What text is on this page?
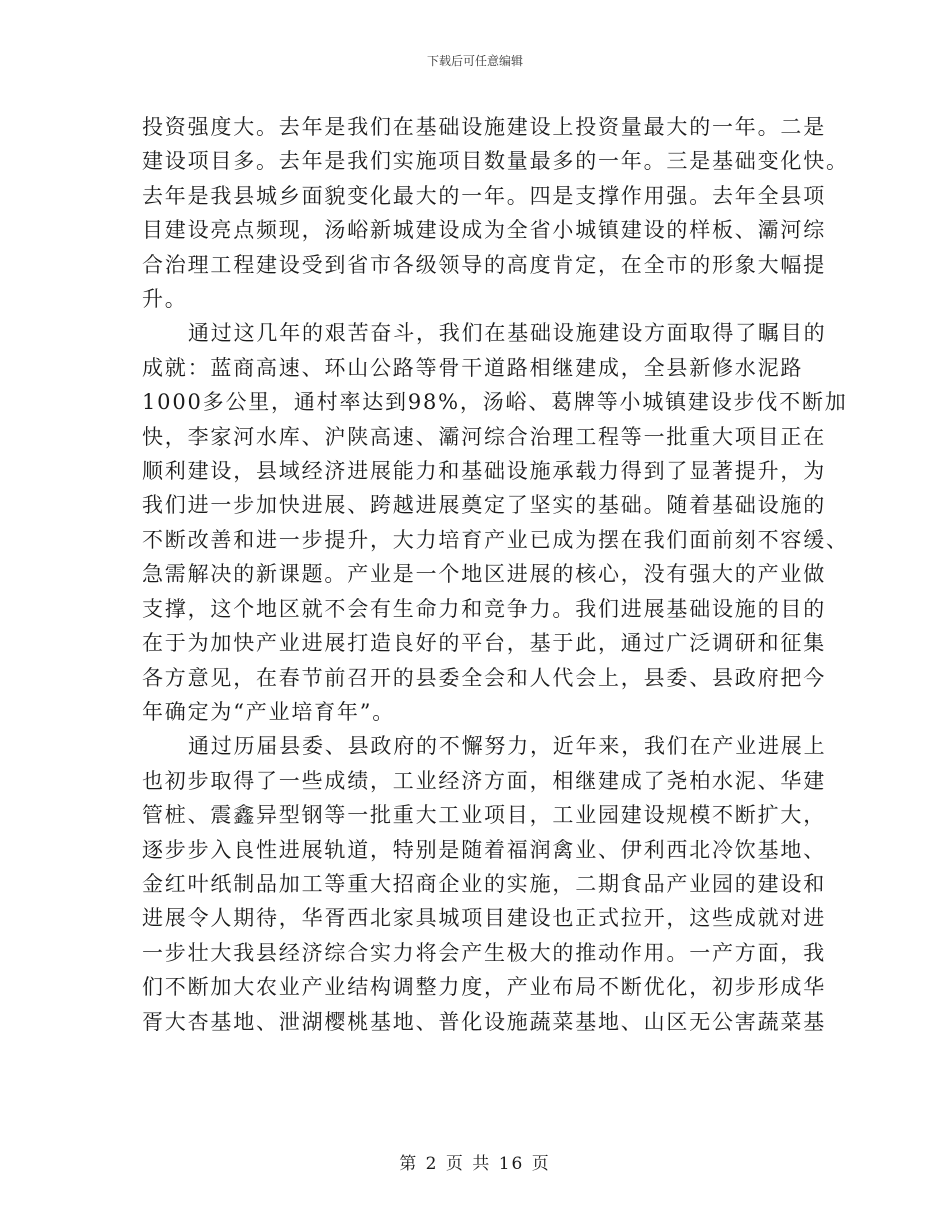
下载后可任意编辑

投资强度大。去年是我们在基础设施建设上投资量最大的一年。二是
建设项目多。去年是我们实施项目数量最多的一年。三是基础变化快。
去年是我县城乡面貌变化最大的一年。四是支撑作用强。去年全县项
目建设亮点频现，汤峪新城建设成为全省小城镇建设的样板、灞河综
合治理工程建设受到省市各级领导的高度肯定，在全市的形象大幅提
升。

通过这几年的艰苦奋斗，我们在基础设施建设方面取得了瞩目的
成就：蓝商高速、环山公路等骨干道路相继建成，全县新修水泥路
1000多公里，通村率达到98%，汤峪、葛牌等小城镇建设步伐不断加
快，李家河水库、沪陕高速、灞河综合治理工程等一批重大项目正在
顺利建设，县域经济进展能力和基础设施承载力得到了显著提升，为
我们进一步加快进展、跨越进展奠定了坚实的基础。随着基础设施的
不断改善和进一步提升，大力培育产业已成为摆在我们面前刻不容缓、
急需解决的新课题。产业是一个地区进展的核心，没有强大的产业做
支撑，这个地区就不会有生命力和竞争力。我们进展基础设施的目的
在于为加快产业进展打造良好的平台，基于此，通过广泛调研和征集
各方意见，在春节前召开的县委全会和人代会上，县委、县政府把今
年确定为“产业培育年”。

通过历届县委、县政府的不懈努力，近年来，我们在产业进展上
也初步取得了一些成绩，工业经济方面，相继建成了尧柏水泥、华建
管桩、震鑫异型钢等一批重大工业项目，工业园建设规模不断扩大，
逐步步入良性进展轨道，特别是随着福润禽业、伊利西北冷饮基地、
金红叶纸制品加工等重大招商企业的实施，二期食品产业园的建设和
进展令人期待，华胥西北家具城项目建设也正式拉开，这些成就对进
一步壮大我县经济综合实力将会产生极大的推动作用。一产方面，我
们不断加大农业产业结构调整力度，产业布局不断优化，初步形成华
胥大杏基地、泄湖樱桃基地、普化设施蔬菜基地、山区无公害蔬菜基

第 2 页 共 16 页
